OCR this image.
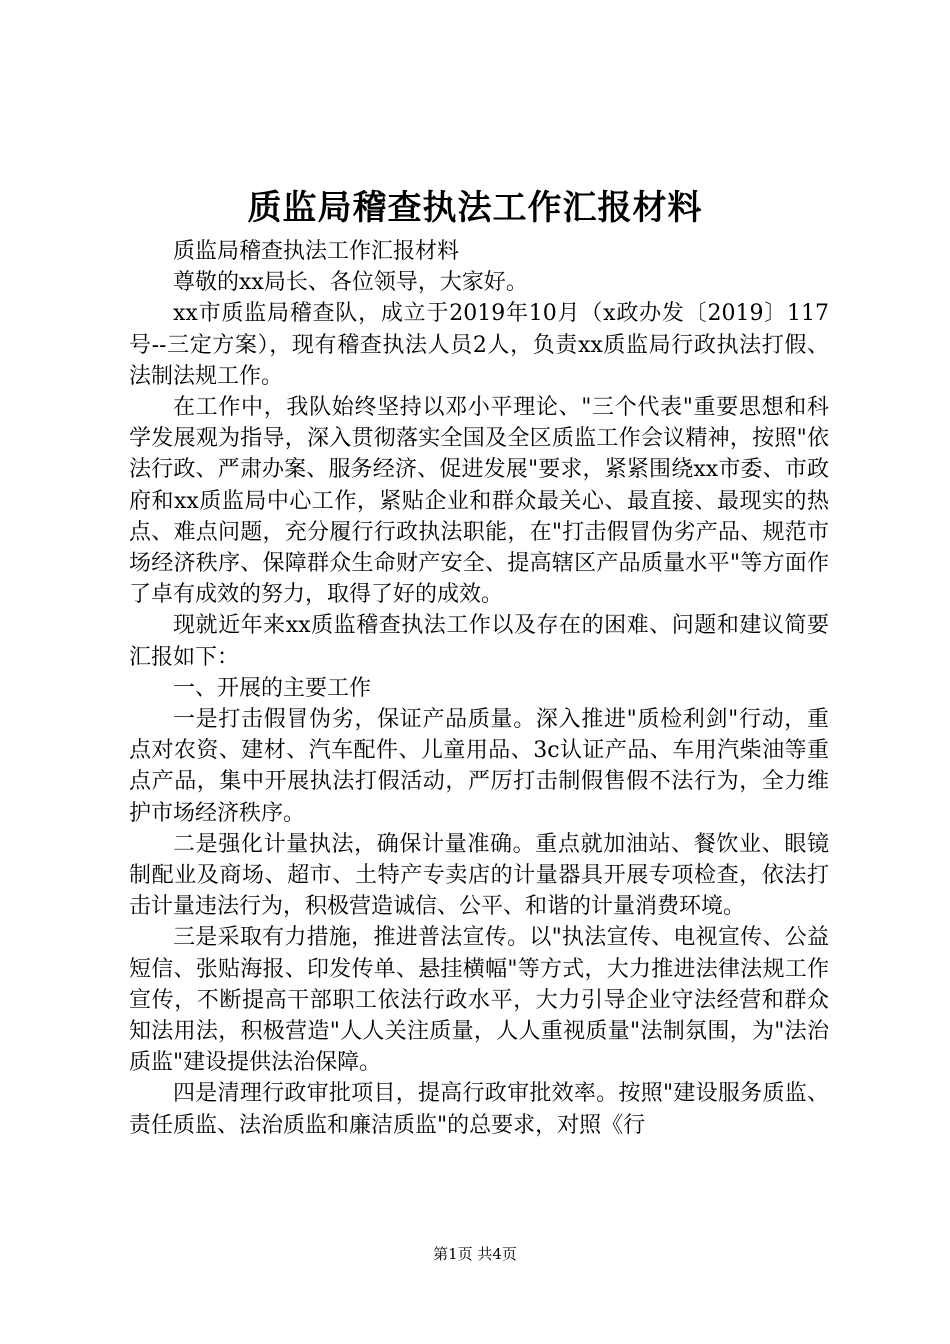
质监局稽查执法工作汇报材料

质监局稽查执法工作汇报材料

尊敬的xx局长、各位领导，大家好。

xx市质监局稽查队，成立于2019年10月（x政办发〔2019〕117号--三定方案），现有稽查执法人员2人，负责xx质监局行政执法打假、法制法规工作。

在工作中，我队始终坚持以邓小平理论、"三个代表"重要思想和科学发展观为指导，深入贯彻落实全国及全区质监工作会议精神，按照"依法行政、严肃办案、服务经济、促进发展"要求，紧紧围绕xx市委、市政府和xx质监局中心工作，紧贴企业和群众最关心、最直接、最现实的热点、难点问题，充分履行行政执法职能，在"打击假冒伪劣产品、规范市场经济秩序、保障群众生命财产安全、提高辖区产品质量水平"等方面作了卓有成效的努力，取得了好的成效。

现就近年来xx质监稽查执法工作以及存在的困难、问题和建议简要汇报如下：

一、开展的主要工作

一是打击假冒伪劣，保证产品质量。深入推进"质检利剑"行动，重点对农资、建材、汽车配件、儿童用品、3c认证产品、车用汽柴油等重点产品，集中开展执法打假活动，严厉打击制假售假不法行为，全力维护市场经济秩序。

二是强化计量执法，确保计量准确。重点就加油站、餐饮业、眼镜制配业及商场、超市、土特产专卖店的计量器具开展专项检查，依法打击计量违法行为，积极营造诚信、公平、和谐的计量消费环境。

三是采取有力措施，推进普法宣传。以"执法宣传、电视宣传、公益短信、张贴海报、印发传单、悬挂横幅"等方式，大力推进法律法规工作宣传，不断提高干部职工依法行政水平，大力引导企业守法经营和群众知法用法，积极营造"人人关注质量，人人重视质量"法制氛围，为"法治质监"建设提供法治保障。

四是清理行政审批项目，提高行政审批效率。按照"建设服务质监、责任质监、法治质监和廉洁质监"的总要求，对照《行

第1页 共4页
